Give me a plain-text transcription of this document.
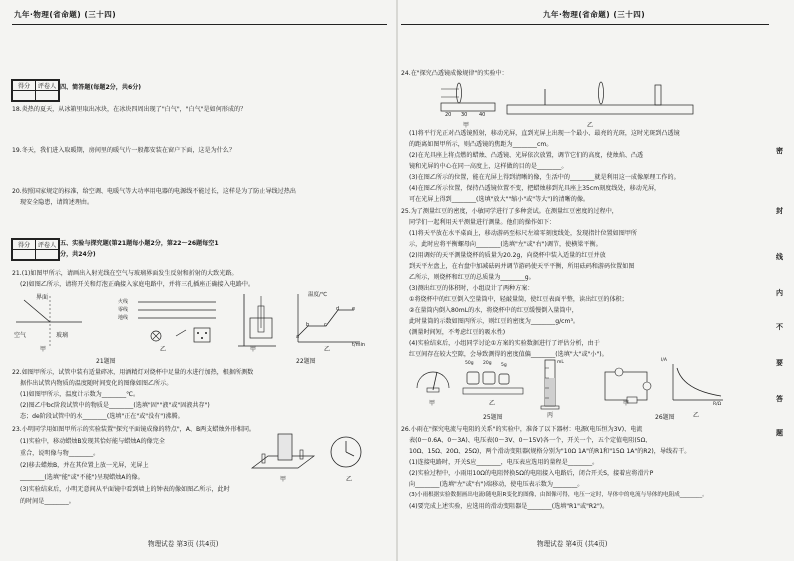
九年·物理(省命题) (三十四)
得分	评卷人
	四、简答题(每题2分，共6分)
18.炎热的夏天，从冰箱里取出冰块，在冰块四周出现了"白气"，"白气"是如何形成的？
19.冬天，我们进入取暖期，房间里的暖气片一般都安装在窗户下面，这是为什么？
20.按照国家规定的标准，给空调、电暖气等大功率用电器的电源线不能过长，这样是为了防止导线过热出
现安全隐患，请简述理由。
得分	评卷人
	五、实验与探究题(第21题每小题2分，第22～26题每空1
分，共24分)
21.(1)如图甲所示，请画出入射光线在空气与玻璃界面发生反射和折射的大致光路。
(2)如图乙所示，请将开关和灯泡正确接入家庭电路中，并将三孔插座正确接入电路中。
界面
空气	玻璃
甲
火线
零线
地线
乙
21题图
甲
温度/℃
t/min
a
b	c
d	e
乙
22题图
22.如图甲所示，试管中装有适量碎冰，用酒精灯对烧杯中足量的水进行加热，根据所测数
据作出试管内物质的温度随时间变化的图像如图乙所示。
(1)如图甲所示，温度计示数为________℃。
(2)图乙中bc阶段试管中的物质是________(选填"固""液"或"固液共存")
态；de阶段试管中的水________(选填"正在"或"没有")沸腾。
23.小明同学用如图甲所示的实验装置"探究平面镜成像的特点"，A、B两支蜡烛外形相同。
(1)实验中，移动蜡烛B发现其恰好能与蜡烛A的像完全
重合，说明像与物________。
(2)移去蜡烛B，并在其位置上放一光屏，光屏上
________(选填"能"或"不能")呈现蜡烛A的像。
(3)实验结束后，小明无意间从平面镜中看到墙上的钟表的像如图乙所示，此时
的时间是________。
甲	乙
物理试卷 第3页 (共4页)
九年·物理(省命题) (三十四)
24.在"探究凸透镜成像规律"的实验中：
20 30 40
甲	乙
(1)将平行光正对凸透镜照射，移动光屏，直到光屏上出现一个最小、最亮的光斑，这时光斑到凸透镜
的距离如图甲所示，则凸透镜的焦距为________cm。
(2)在光具座上将点燃的蜡烛、凸透镜、光屏依次放置，调节它们的高度，使烛焰、凸透
镜和光屏的中心在同一高度上，这样做的目的是________。
(3)在图乙所示的位置，能在光屏上得到清晰的像，生活中的________就是利用这一成像原理工作的。
(4)在图乙所示位置，保持凸透镜位置不变，把蜡烛移到光具座上35cm刻度线处，移动光屏，
可在光屏上得到________(选填"放大""缩小"或"等大")的清晰的像。
25.为了测量红豆的密度，小敏同学进行了多种尝试。在测量红豆密度的过程中，
同学们一起利用天平测量进行测量。他们的操作如下：
(1)将天平放在水平桌面上，移动游码至标尺左端零刻度线处，发现指针位置如图甲所
示，此时应将平衡螺母向________(选填"左"或"右")调节，使横梁平衡。
(2)用调好的天平测量烧杯的质量为20.2g，向烧杯中装入适量的红豆并放
到天平左盘上，在右盘中加减砝码并调节游码使天平平衡，所用砝码和游码位置如图
乙所示，则烧杯和红豆的总质量为________g。
(3)测出红豆的体积时，小组设计了两种方案：
①将烧杯中的红豆倒入空量筒中，轻敲量筒，使红豆表面平整，读出红豆的体积；
②在量筒内倒入80mL的水，将烧杯中的红豆缓慢倒入量筒中，
此时量筒的示数如图丙所示，则红豆的密度为________g/cm³。
(测量时间短，不考虑红豆的吸水性)
(4)实验结束后，小组同学讨论①方案的实验数据进行了评估分析，由于
红豆间存在较大空隙，会导致测得的密度值偏________(选填"大"或"小")。
甲
50g 20g 5g
乙
mL
丙
25题图
甲
I/A
R/Ω
乙
26题图
26.小雨在"探究电流与电阻的关系"的实验中，准备了以下器材：电源(电压恒为3V)、电流
表(0～0.6A、0～3A)、电压表(0～3V、0～15V)各一个，开关一个，五个定值电阻(5Ω、
10Ω、15Ω、20Ω、25Ω)，两个滑动变阻器(规格分别为"10Ω 1A"的R1和"15Ω 1A"的R2)，导线若干。
(1)连接电路时，开关S应________，电压表应选用的量程是________。
(2)实验过程中，小雨用10Ω的电阻替换5Ω的电阻接入电路后，闭合开关S，接着应将滑片P
向________(选填"左"或"右")端移动，使电压表示数为________。
(3)小雨根据实验数据画出电流I随电阻R变化的图像，由图像可得，电压一定时，导体中的电流与导体的电阻成________。
(4)要完成上述实验，应选用的滑动变阻器是________(选填"R1"或"R2")。
物理试卷 第4页 (共4页)
密
封
线
内
不
要
答
题
